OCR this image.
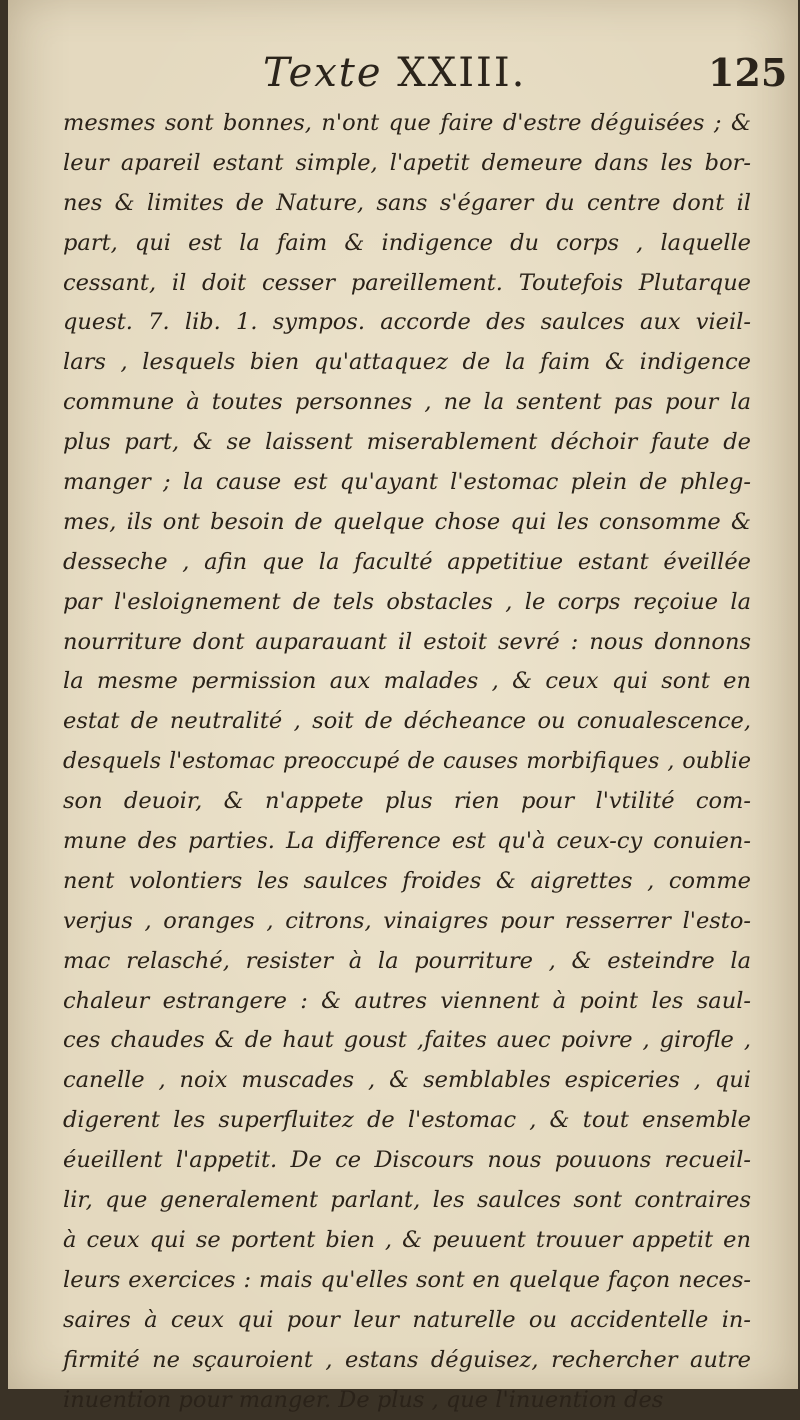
Texte XXIII.	125
mesmes sont bonnes, n'ont que faire d'estre déguisées ; &
leur apareil estant simple, l'apetit demeure dans les bor-
nes & limites de Nature, sans s'égarer du centre dont il
part, qui est la faim & indigence du corps , laquelle
cessant, il doit cesser pareillement. Toutefois Plutarque
quest. 7. lib. 1. sympos. accorde des saulces aux vieil-
lars , lesquels bien qu'attaquez de la faim & indigence
commune à toutes personnes , ne la sentent pas pour la
plus part, & se laissent miserablement déchoir faute de
manger ; la cause est qu'ayant l'estomac plein de phleg-
mes, ils ont besoin de quelque chose qui les consomme &
desseche , afin que la faculté appetitiue estant éveillée
par l'esloignement de tels obstacles , le corps reçoiue la
nourriture dont auparauant il estoit sevré : nous donnons
la mesme permission aux malades , & ceux qui sont en
estat de neutralité , soit de décheance ou conualescence,
desquels l'estomac preoccupé de causes morbifiques , oublie
son deuoir, & n'appete plus rien pour l'vtilité com-
mune des parties. La difference est qu'à ceux-cy conuien-
nent volontiers les saulces froides & aigrettes , comme
verjus , oranges , citrons, vinaigres pour resserrer l'esto-
mac relasché, resister à la pourriture , & esteindre la
chaleur estrangere : & autres viennent à point les saul-
ces chaudes & de haut goust ,faites auec poivre , girofle ,
canelle , noix muscades , & semblables espiceries , qui
digerent les superfluitez de l'estomac , & tout ensemble
éueillent l'appetit. De ce Discours nous pouuons recueil-
lir, que generalement parlant, les saulces sont contraires
à ceux qui se portent bien , & peuuent trouuer appetit en
leurs exercices : mais qu'elles sont en quelque façon neces-
saires à ceux qui pour leur naturelle ou accidentelle in-
firmité ne sçauroient , estans déguisez, rechercher autre
inuention pour manger. De plus , que l'inuention des
